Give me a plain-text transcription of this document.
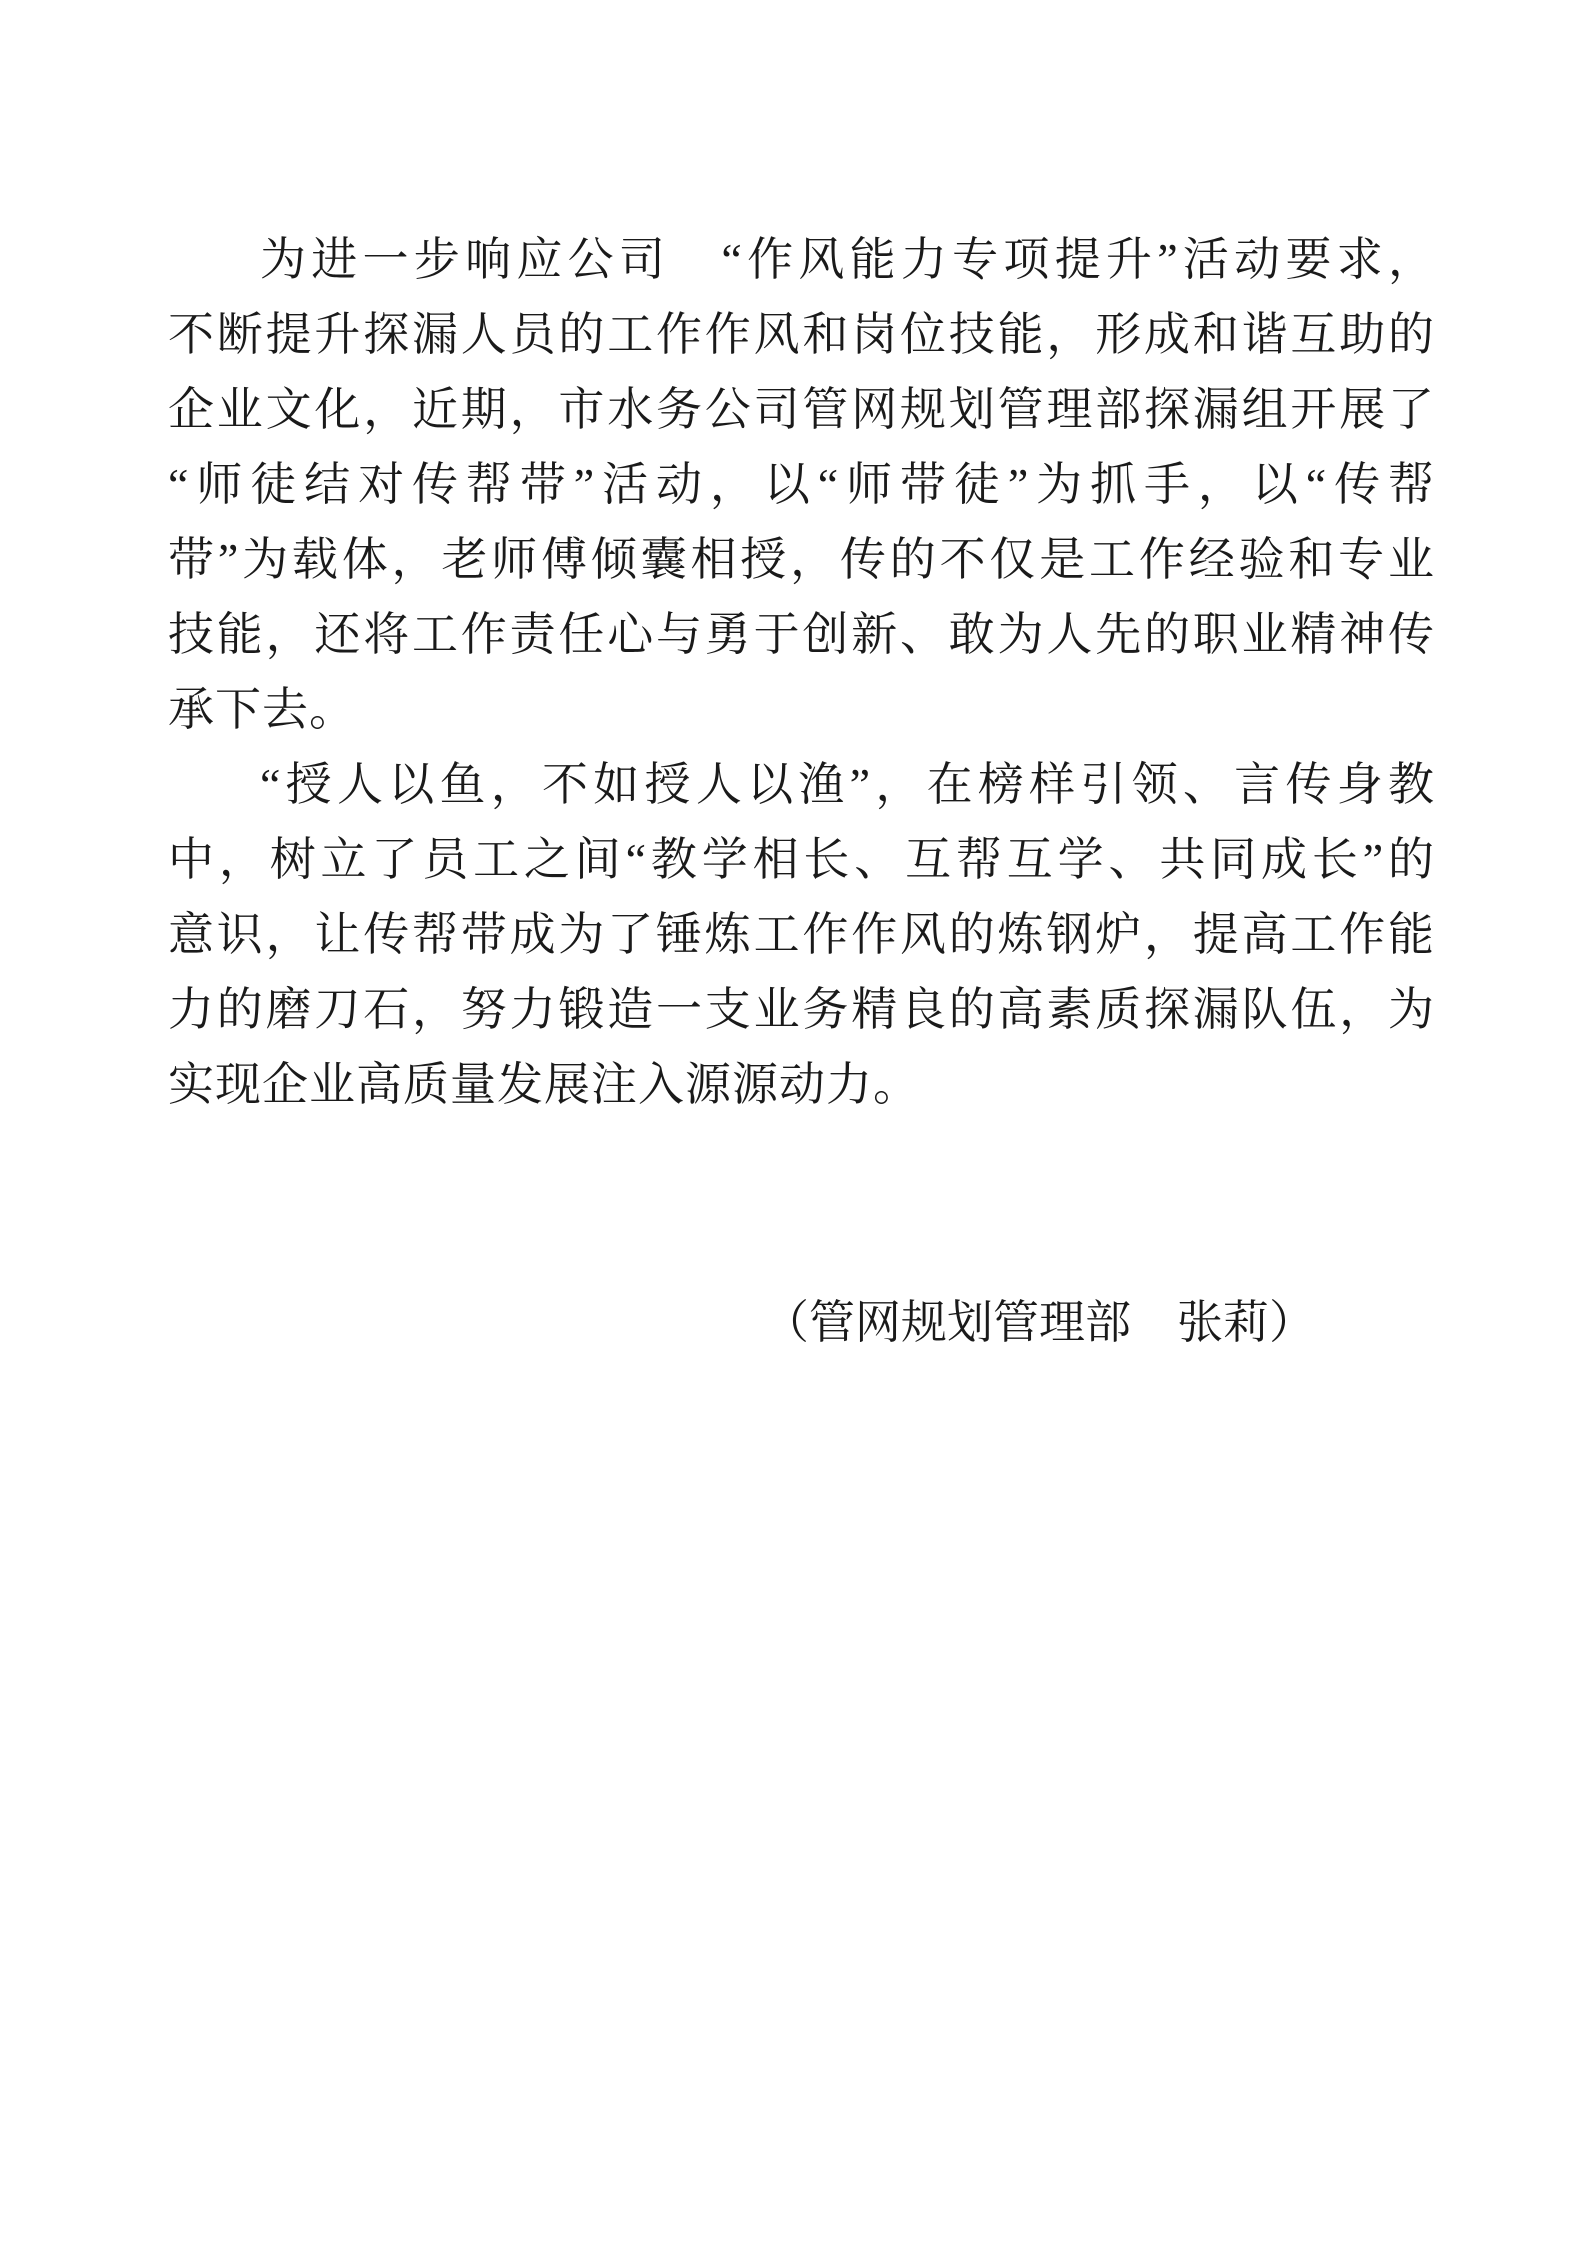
为进一步响应公司　“作风能力专项提升”活动要求，
不断提升探漏人员的工作作风和岗位技能，形成和谐互助的
企业文化，近期，市水务公司管网规划管理部探漏组开展了
“师徒结对传帮带”活动，以“师带徒”为抓手，以“传帮
带”为载体，老师傅倾囊相授，传的不仅是工作经验和专业
技能，还将工作责任心与勇于创新、敢为人先的职业精神传
承下去。
“授人以鱼，不如授人以渔”，在榜样引领、言传身教
中，树立了员工之间“教学相长、互帮互学、共同成长”的
意识，让传帮带成为了锤炼工作作风的炼钢炉，提高工作能
力的磨刀石，努力锻造一支业务精良的高素质探漏队伍，为
实现企业高质量发展注入源源动力。
（管网规划管理部　张莉）
